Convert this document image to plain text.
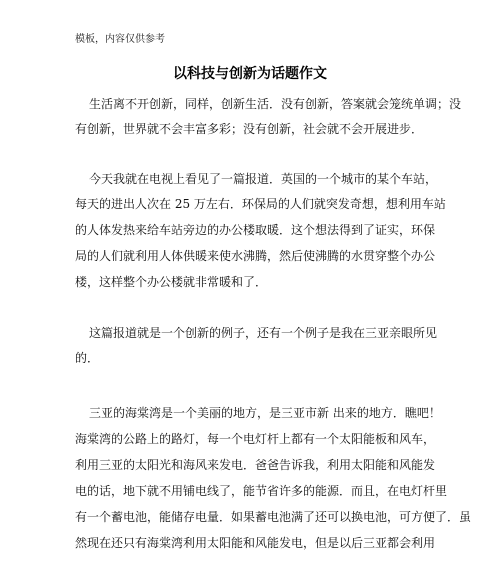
模板，内容仅供参考
以科技与创新为话题作文
生活离不开创新，同样，创新生活．没有创新，答案就会笼统单调；没
有创新，世界就不会丰富多彩；没有创新，社会就不会开展进步．
今天我就在电视上看见了一篇报道．英国的一个城市的某个车站，
每天的进出人次在 25 万左右．环保局的人们就突发奇想，想利用车站
的人体发热来给车站旁边的办公楼取暖．这个想法得到了证实，环保
局的人们就利用人体供暖来使水沸腾，然后使沸腾的水贯穿整个办公
楼，这样整个办公楼就非常暖和了．
这篇报道就是一个创新的例子，还有一个例子是我在三亚亲眼所见
的．
三亚的海棠湾是一个美丽的地方，是三亚市新 出来的地方．瞧吧！
海棠湾的公路上的路灯，每一个电灯杆上都有一个太阳能板和风车，
利用三亚的太阳光和海风来发电．爸爸告诉我，利用太阳能和风能发
电的话，地下就不用铺电线了，能节省许多的能源．而且，在电灯杆里
有一个蓄电池，能储存电量．如果蓄电池满了还可以换电池，可方便了．虽
然现在还只有海棠湾利用太阳能和风能发电，但是以后三亚都会利用
